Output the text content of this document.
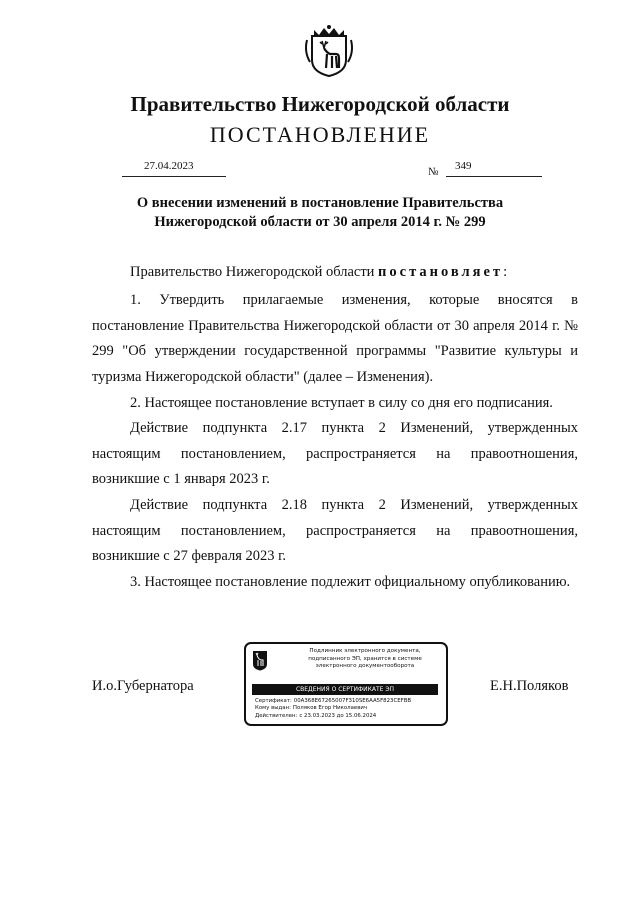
Правительство Нижегородской области
ПОСТАНОВЛЕНИЕ
27.04.2023	№ 349
О внесении изменений в постановление Правительства Нижегородской области от 30 апреля 2014 г. № 299
Правительство Нижегородской области постановляет:
1. Утвердить прилагаемые изменения, которые вносятся в постановление Правительства Нижегородской области от 30 апреля 2014 г. № 299 "Об утверждении государственной программы "Развитие культуры и туризма Нижегородской области" (далее – Изменения).
2. Настоящее постановление вступает в силу со дня его подписания.
Действие подпункта 2.17 пункта 2 Изменений, утвержденных настоящим постановлением, распространяется на правоотношения, возникшие с 1 января 2023 г.
Действие подпункта 2.18 пункта 2 Изменений, утвержденных настоящим постановлением, распространяется на правоотношения, возникшие с 27 февраля 2023 г.
3. Настоящее постановление подлежит официальному опубликованию.
И.о.Губернатора	Е.Н.Поляков
Подлинник электронного документа, подписанного ЭП, хранится в системе электронного документооборота
СВЕДЕНИЯ О СЕРТИФИКАТЕ ЭП
Сертификат: 00A368E67265007F310SE6AA5F823CEFBB
Кому выдан: Поляков Егор Николаевич
Действителен: с 23.03.2023 до 15.06.2024
